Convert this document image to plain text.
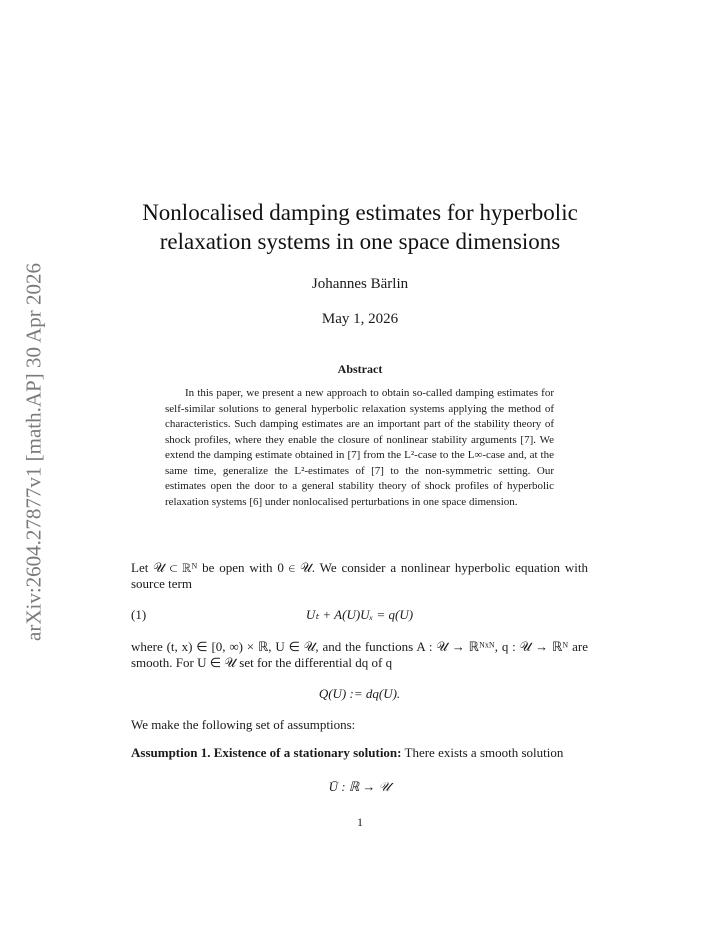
arXiv:2604.27877v1 [math.AP] 30 Apr 2026
Nonlocalised damping estimates for hyperbolic
relaxation systems in one space dimensions
Johannes Bärlin
May 1, 2026
Abstract
In this paper, we present a new approach to obtain so-called damping estimates for self-similar solutions to general hyperbolic relaxation systems applying the method of characteristics. Such damping estimates are an important part of the stability theory of shock profiles, where they enable the closure of nonlinear stability arguments [7]. We extend the damping estimate obtained in [7] from the L²-case to the L∞-case and, at the same time, generalize the L²-estimates of [7] to the non-symmetric setting. Our estimates open the door to a general stability theory of shock profiles of hyperbolic relaxation systems [6] under nonlocalised perturbations in one space dimension.
Let 𝒰 ⊂ ℝᴺ be open with 0 ∈ 𝒰. We consider a nonlinear hyperbolic equation with source term
(1)	Uₜ + A(U)Uₓ = q(U)
where (t, x) ∈ [0, ∞) × ℝ, U ∈ 𝒰, and the functions A : 𝒰 → ℝᴺˣᴺ, q : 𝒰 → ℝᴺ are smooth. For U ∈ 𝒰 set for the differential dq of q
Q(U) := dq(U).
We make the following set of assumptions:
Assumption 1. Existence of a stationary solution: There exists a smooth solution
Ū : ℝ → 𝒰
1
